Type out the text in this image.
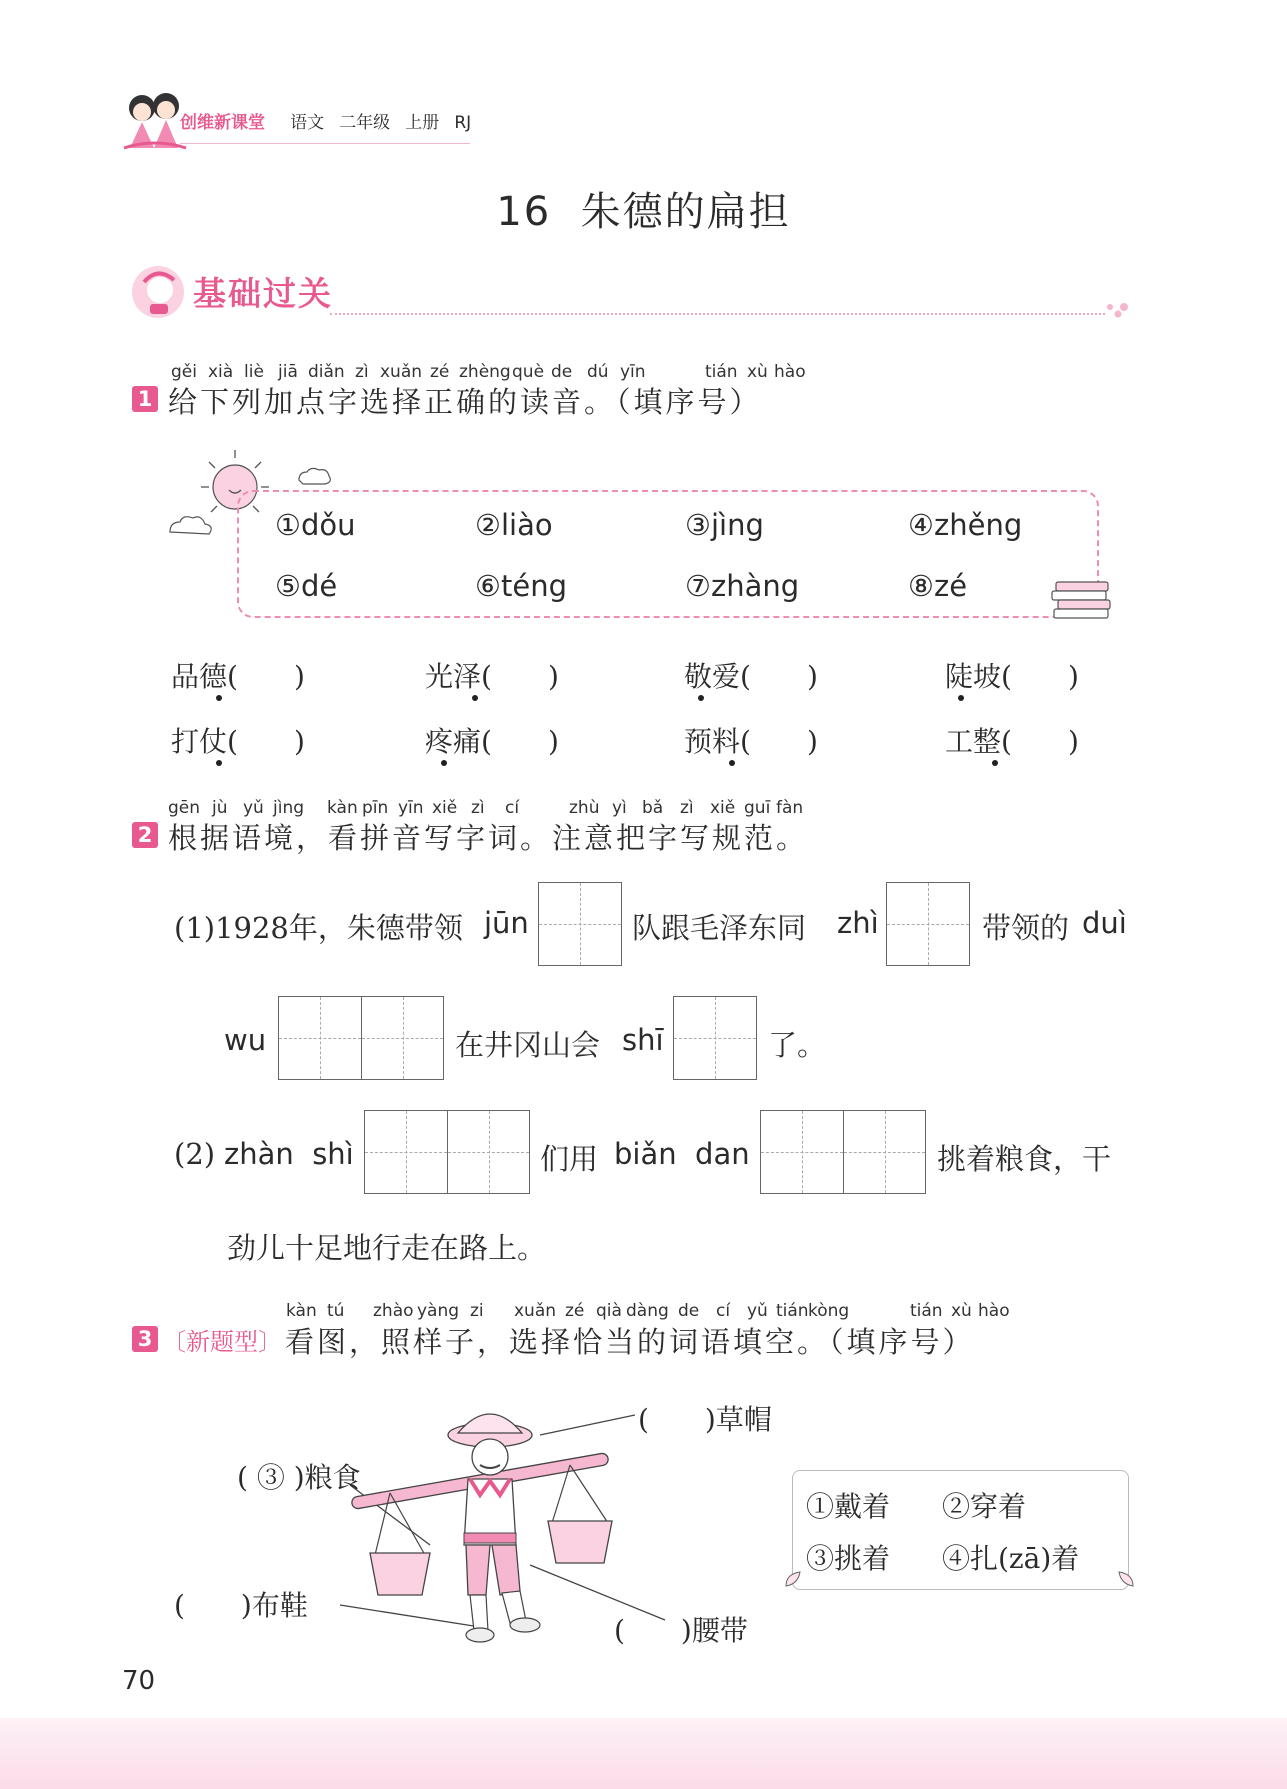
创维新课堂 语文 二年级 上册 RJ
16  朱德的扁担
基础过关
gěi xià liè jiā diǎn zì xuǎn zé zhèng què de dú yīn	tián xù hào
1 给下列加点字选择正确的读音。（填序号）
①dǒu	②liào	③jìng	④zhěng
⑤dé	⑥téng	⑦zhàng	⑧zé
品德(　　)	光泽(　　)	敬爱(　　)	陡坡(　　)
打仗(　　)	疼痛(　　)	预料(　　)	工整(　　)
gēn jù yǔ jìng kàn pīn yīn xiě zì cí	zhù yì bǎ zì xiě guī fàn
2 根据语境，看拼音写字词。注意把字写规范。
(1)1928年，朱德带领 jūn	队跟毛泽东同 zhì	带领的 duì
wu	在井冈山会 shī	了。
(2) zhàn  shì	们用 biǎn  dan	挑着粮食，干
劲儿十足地行走在路上。
kàn tú zhào yàng zi xuǎn zé qià dàng de cí yǔ tián kòng	tián xù hào
3 〔新题型〕 看图，照样子，选择恰当的词语填空。（填序号）
(　　)草帽
( ③ )粮食
(　　)布鞋
(　　)腰带
①戴着 ②穿着
③挑着 ④扎(zā)着
70
